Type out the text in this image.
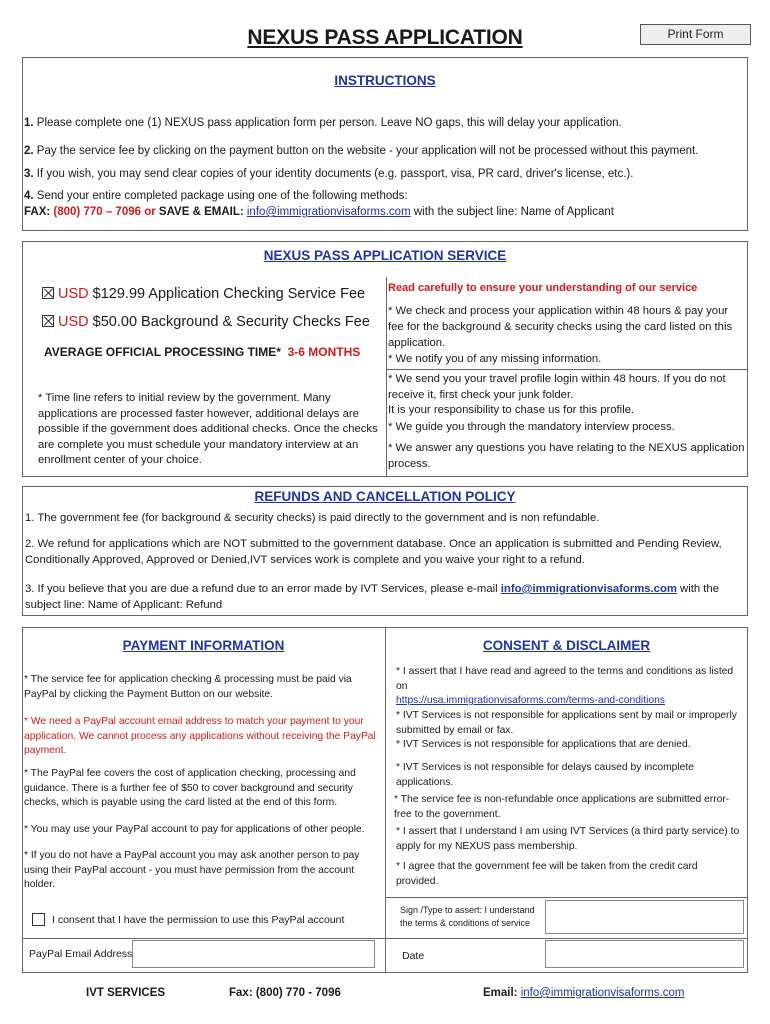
NEXUS PASS APPLICATION	Print Form
INSTRUCTIONS
1. Please complete one (1) NEXUS pass application form per person. Leave NO gaps, this will delay your application.
2. Pay the service fee by clicking on the payment button on the website - your application will not be processed without this payment.
3. If you wish, you may send clear copies of your identity documents (e.g. passport, visa, PR card, driver's license, etc.).
4. Send your entire completed package using one of the following methods:
FAX: (800) 770 – 7096 or SAVE & EMAIL: info@immigrationvisaforms.com with the subject line: Name of Applicant
NEXUS PASS APPLICATION SERVICE
USD $129.99 Application Checking Service Fee
USD $50.00 Background & Security Checks Fee
AVERAGE OFFICIAL PROCESSING TIME* 3-6 MONTHS
* Time line refers to initial review by the government. Many applications are processed faster however, additional delays are possible if the government does additional checks. Once the checks are complete you must schedule your mandatory interview at an enrollment center of your choice.
Read carefully to ensure your understanding of our service
* We check and process your application within 48 hours & pay your fee for the background & security checks using the card listed on this application.
* We notify you of any missing information.
* We send you your travel profile login within 48 hours. If you do not receive it, first check your junk folder.
It is your responsibility to chase us for this profile.
* We guide you through the mandatory interview process.
* We answer any questions you have relating to the NEXUS application process.
REFUNDS AND CANCELLATION POLICY
1. The government fee (for background & security checks) is paid directly to the government and is non refundable.
2. We refund for applications which are NOT submitted to the government database. Once an application is submitted and Pending Review, Conditionally Approved, Approved or Denied,IVT services work is complete and you waive your right to a refund.
3. If you believe that you are due a refund due to an error made by IVT Services, please e-mail info@immigrationvisaforms.com with the subject line: Name of Applicant: Refund
PAYMENT INFORMATION
* The service fee for application checking & processing must be paid via PayPal by clicking the Payment Button on our website.
* We need a PayPal account email address to match your payment to your application. We cannot process any applications without receiving the PayPal payment.
* The PayPal fee covers the cost of application checking, processing and guidance. There is a further fee of $50 to cover background and security checks, which is payable using the card listed at the end of this form.
* You may use your PayPal account to pay for applications of other people.
* If you do not have a PayPal account you may ask another person to pay using their PayPal account - you must have permission from the account holder.
I consent that I have the permission to use this PayPal account
PayPal Email Address
CONSENT & DISCLAIMER
* I assert that I have read and agreed to the terms and conditions as listed on
https://usa.immigrationvisaforms.com/terms-and-conditions
* IVT Services is not responsible for applications sent by mail or improperly submitted by email or fax.
* IVT Services is not responsible for applications that are denied.
* IVT Services is not responsible for delays caused by incomplete applications.
* The service fee is non-refundable once applications are submitted error-free to the government.
* I assert that I understand I am using IVT Services (a third party service) to apply for my NEXUS pass membership.
* I agree that the government fee will be taken from the credit card provided.
Sign /Type to assert: I understand the terms & conditions of service
Date
IVT SERVICES	Fax: (800) 770 - 7096	Email: info@immigrationvisaforms.com
